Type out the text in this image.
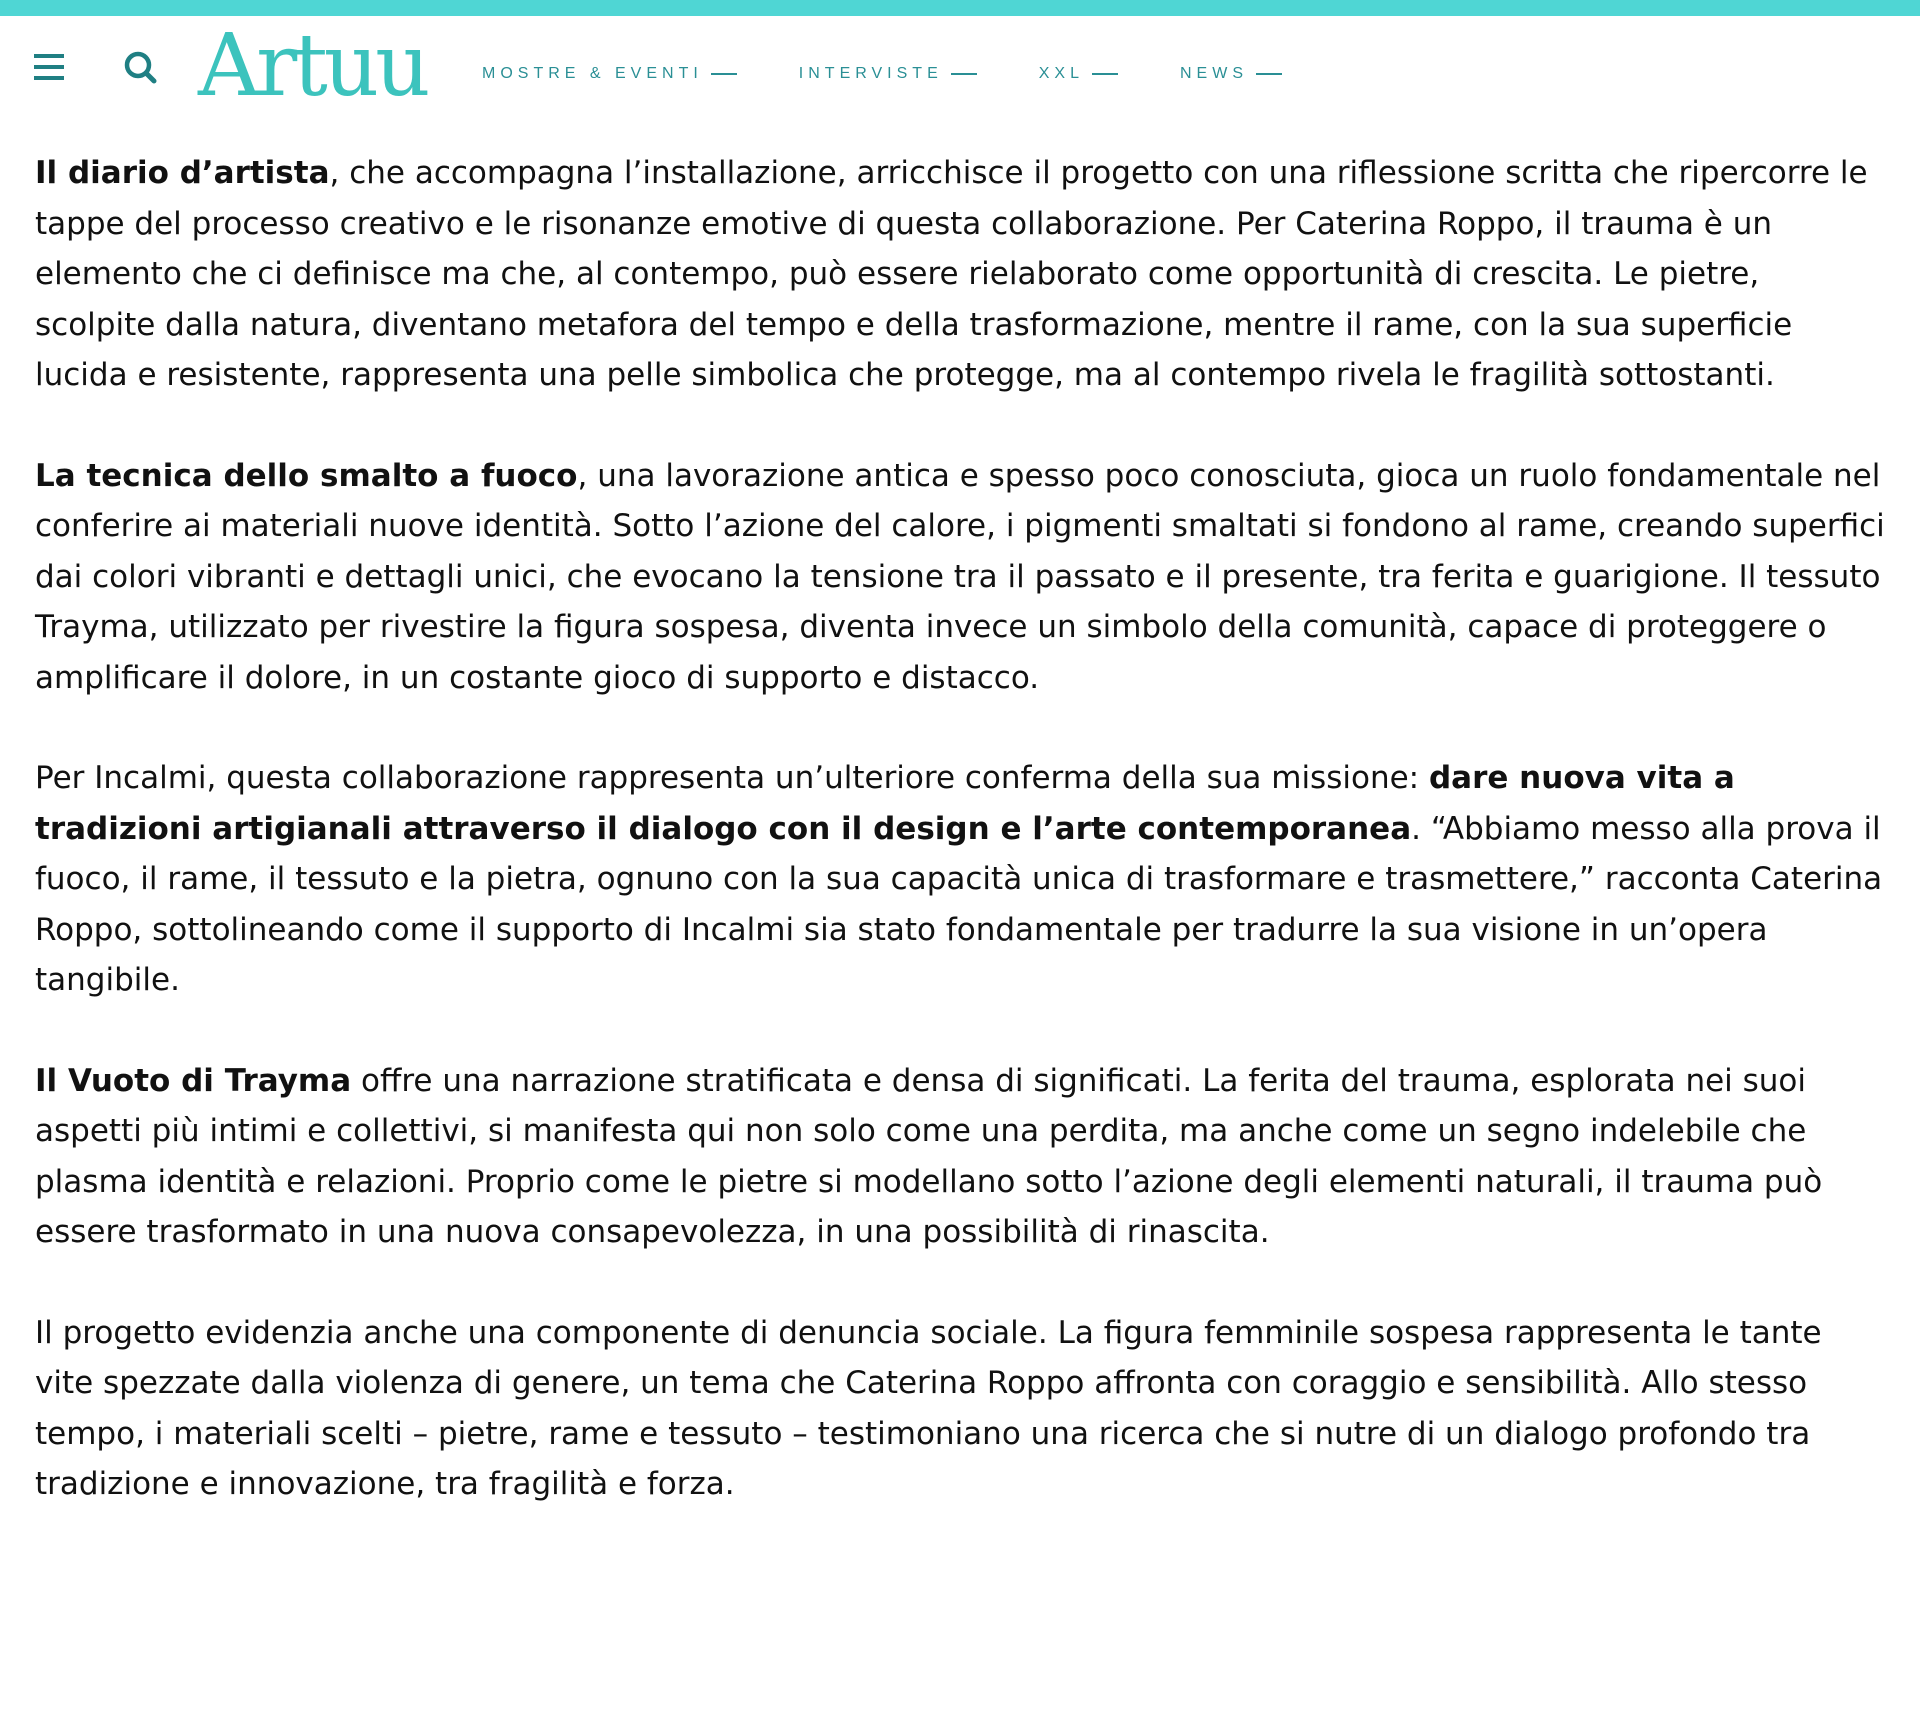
Artuu	MOSTRE & EVENTI	INTERVISTE	XXL	NEWS

Il diario d’artista, che accompagna l’installazione, arricchisce il progetto con una riflessione scritta che ripercorre le tappe del processo creativo e le risonanze emotive di questa collaborazione. Per Caterina Roppo, il trauma è un elemento che ci definisce ma che, al contempo, può essere rielaborato come opportunità di crescita. Le pietre, scolpite dalla natura, diventano metafora del tempo e della trasformazione, mentre il rame, con la sua superficie lucida e resistente, rappresenta una pelle simbolica che protegge, ma al contempo rivela le fragilità sottostanti.

La tecnica dello smalto a fuoco, una lavorazione antica e spesso poco conosciuta, gioca un ruolo fondamentale nel conferire ai materiali nuove identità. Sotto l’azione del calore, i pigmenti smaltati si fondono al rame, creando superfici dai colori vibranti e dettagli unici, che evocano la tensione tra il passato e il presente, tra ferita e guarigione. Il tessuto Trayma, utilizzato per rivestire la figura sospesa, diventa invece un simbolo della comunità, capace di proteggere o amplificare il dolore, in un costante gioco di supporto e distacco.

Per Incalmi, questa collaborazione rappresenta un’ulteriore conferma della sua missione: dare nuova vita a tradizioni artigianali attraverso il dialogo con il design e l’arte contemporanea. “Abbiamo messo alla prova il fuoco, il rame, il tessuto e la pietra, ognuno con la sua capacità unica di trasformare e trasmettere,” racconta Caterina Roppo, sottolineando come il supporto di Incalmi sia stato fondamentale per tradurre la sua visione in un’opera tangibile.

Il Vuoto di Trayma offre una narrazione stratificata e densa di significati. La ferita del trauma, esplorata nei suoi aspetti più intimi e collettivi, si manifesta qui non solo come una perdita, ma anche come un segno indelebile che plasma identità e relazioni. Proprio come le pietre si modellano sotto l’azione degli elementi naturali, il trauma può essere trasformato in una nuova consapevolezza, in una possibilità di rinascita.

Il progetto evidenzia anche una componente di denuncia sociale. La figura femminile sospesa rappresenta le tante vite spezzate dalla violenza di genere, un tema che Caterina Roppo affronta con coraggio e sensibilità. Allo stesso tempo, i materiali scelti – pietre, rame e tessuto – testimoniano una ricerca che si nutre di un dialogo profondo tra tradizione e innovazione, tra fragilità e forza.
